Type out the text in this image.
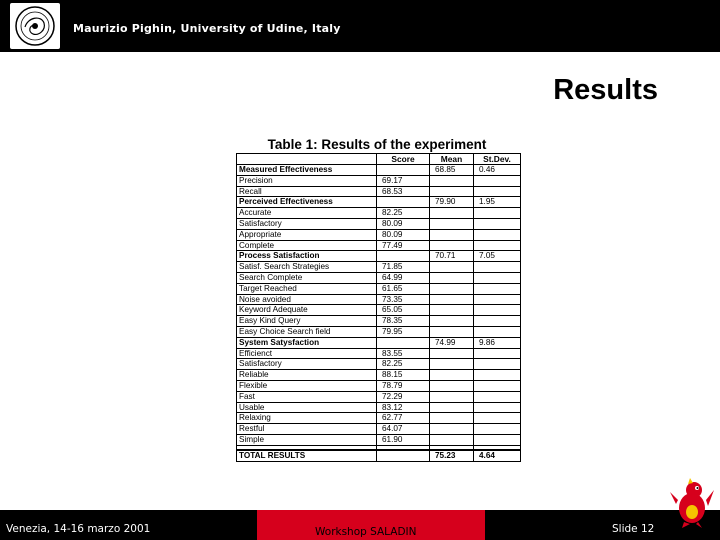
Maurizio Pighin, University of Udine, Italy
Results
Table 1: Results of the experiment
	Score	Mean	St.Dev.
Measured Effectiveness		68.85	0.46
Precision	69.17		
Recall	68.53		
Perceived Effectiveness		79.90	1.95
Accurate	82.25		
Satisfactory	80.09		
Appropriate	80.09		
Complete	77.49		
Process Satisfaction		70.71	7.05
Satisf. Search Strategies	71.85		
Search Complete	64.99		
Target Reached	61.65		
Noise avoided	73.35		
Keyword Adequate	65.05		
Easy Kind Query	78.35		
Easy Choice Search field	79.95		
System Satysfaction		74.99	9.86
Efficienct	83.55		
Satisfactory	82.25		
Reliable	88.15		
Flexible	78.79		
Fast	72.29		
Usable	83.12		
Relaxing	62.77		
Restful	64.07		
Simple	61.90		

TOTAL RESULTS		75.23	4.64
Venezia, 14-16 marzo 2001	Workshop SALADIN	Slide 12
